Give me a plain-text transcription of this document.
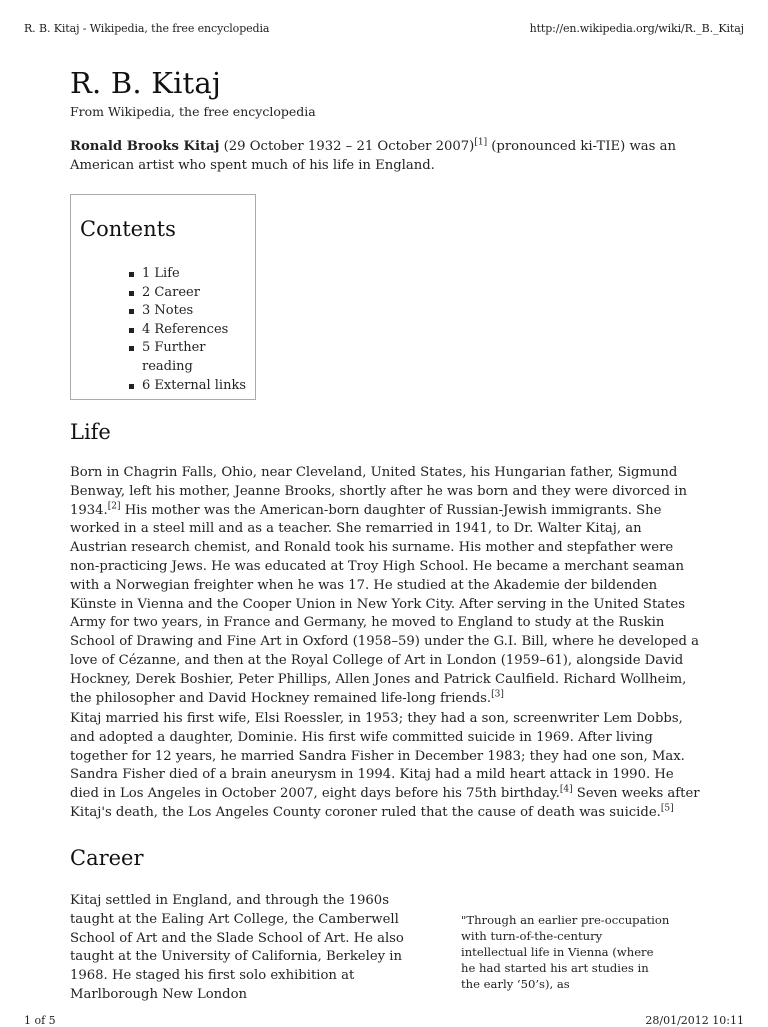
R. B. Kitaj - Wikipedia, the free encyclopedia	http://en.wikipedia.org/wiki/R._B._Kitaj
R. B. Kitaj
From Wikipedia, the free encyclopedia

Ronald Brooks Kitaj (29 October 1932 – 21 October 2007)[1] (pronounced ki-TIE) was an American artist who spent much of his life in England.

Contents
1 Life
2 Career
3 Notes
4 References
5 Further reading
6 External links
Life

Born in Chagrin Falls, Ohio, near Cleveland, United States, his Hungarian father, Sigmund Benway, left his mother, Jeanne Brooks, shortly after he was born and they were divorced in 1934.[2] His mother was the American-born daughter of Russian-Jewish immigrants. She worked in a steel mill and as a teacher. She remarried in 1941, to Dr. Walter Kitaj, an Austrian research chemist, and Ronald took his surname. His mother and stepfather were non-practicing Jews. He was educated at Troy High School. He became a merchant seaman with a Norwegian freighter when he was 17. He studied at the Akademie der bildenden Künste in Vienna and the Cooper Union in New York City. After serving in the United States Army for two years, in France and Germany, he moved to England to study at the Ruskin School of Drawing and Fine Art in Oxford (1958–59) under the G.I. Bill, where he developed a love of Cézanne, and then at the Royal College of Art in London (1959–61), alongside David Hockney, Derek Boshier, Peter Phillips, Allen Jones and Patrick Caulfield. Richard Wollheim, the philosopher and David Hockney remained life-long friends.[3]

Kitaj married his first wife, Elsi Roessler, in 1953; they had a son, screenwriter Lem Dobbs, and adopted a daughter, Dominie. His first wife committed suicide in 1969. After living together for 12 years, he married Sandra Fisher in December 1983; they had one son, Max. Sandra Fisher died of a brain aneurysm in 1994. Kitaj had a mild heart attack in 1990. He died in Los Angeles in October 2007, eight days before his 75th birthday.[4] Seven weeks after Kitaj's death, the Los Angeles County coroner ruled that the cause of death was suicide.[5]

Career

Kitaj settled in England, and through the 1960s taught at the Ealing Art College, the Camberwell School of Art and the Slade School of Art. He also taught at the University of California, Berkeley in 1968. He staged his first solo exhibition at Marlborough New London

"Through an earlier pre-occupation with turn-of-the-century intellectual life in Vienna (where he had started his art studies in the early ‘50’s), as
1 of 5	28/01/2012 10:11
